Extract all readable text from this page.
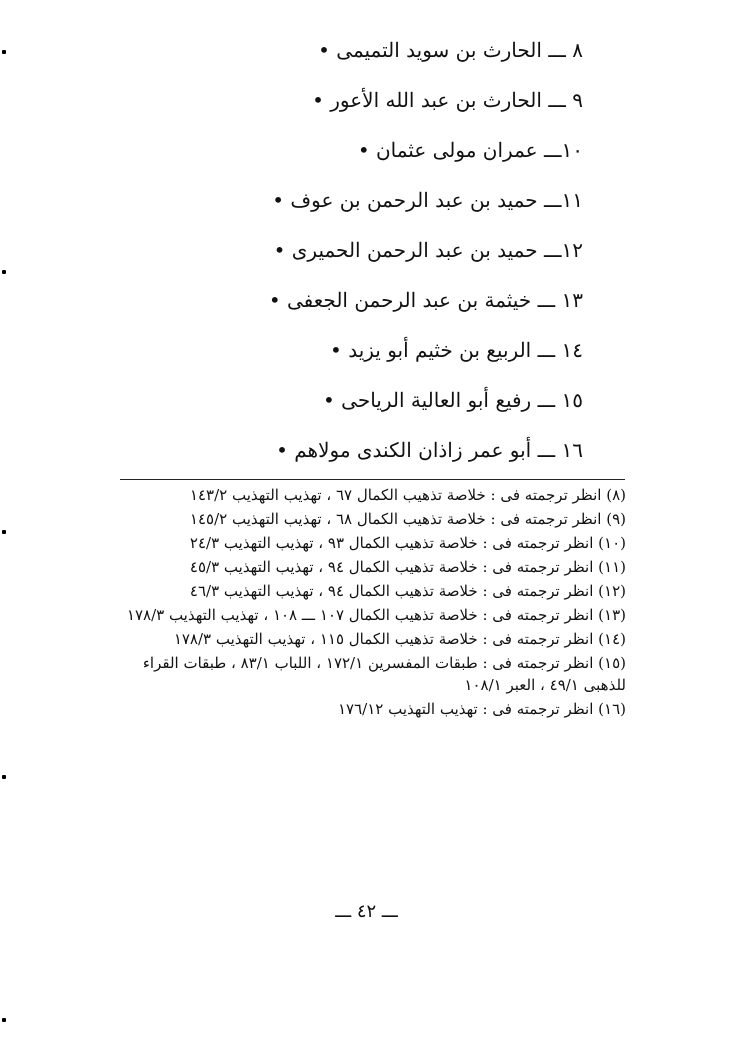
٨ ـــ الحارث بن سويد التميمى •
٩ ـــ الحارث بن عبد الله الأعور •
١٠ـــ عمران مولى عثمان •
١١ـــ حميد بن عبد الرحمن بن عوف •
١٢ـــ حميد بن عبد الرحمن الحميرى •
١٣ ـــ خيثمة بن عبد الرحمن الجعفى •
١٤ ـــ الربيع بن خثيم أبو يزيد •
١٥ ـــ رفيع أبو العالية الرياحى •
١٦ ـــ أبو عمر زاذان الكندى مولاهم •

(٨) انظر ترجمته فى : خلاصة تذهيب الكمال ٦٧ ، تهذيب التهذيب ١٤٣/٢

(٩) انظر ترجمته فى : خلاصة تذهيب الكمال ٦٨ ، تهذيب التهذيب ١٤٥/٢

(١٠) انظر ترجمته فى : خلاصة تذهيب الكمال ٩٣ ، تهذيب التهذيب ٢٤/٣

(١١) انظر ترجمته فى : خلاصة تذهيب الكمال ٩٤ ، تهذيب التهذيب ٤٥/٣

(١٢) انظر ترجمته فى : خلاصة تذهيب الكمال ٩٤ ، تهذيب التهذيب ٤٦/٣

(١٣) انظر ترجمته فى : خلاصة تذهيب الكمال ١٠٧ ـــ ١٠٨ ، تهذيب التهذيب ١٧٨/٣

(١٤) انظر ترجمته فى : خلاصة تذهيب الكمال ١١٥ ، تهذيب التهذيب ١٧٨/٣

(١٥) انظر ترجمته فى : طبقات المفسرين ١٧٢/١ ، اللباب ٨٣/١ ، طبقات القراء للذهبى ٤٩/١ ، العبر ١٠٨/١

(١٦) انظر ترجمته فى : تهذيب التهذيب ١٧٦/١٢

ـــ ٤٢ ـــ
